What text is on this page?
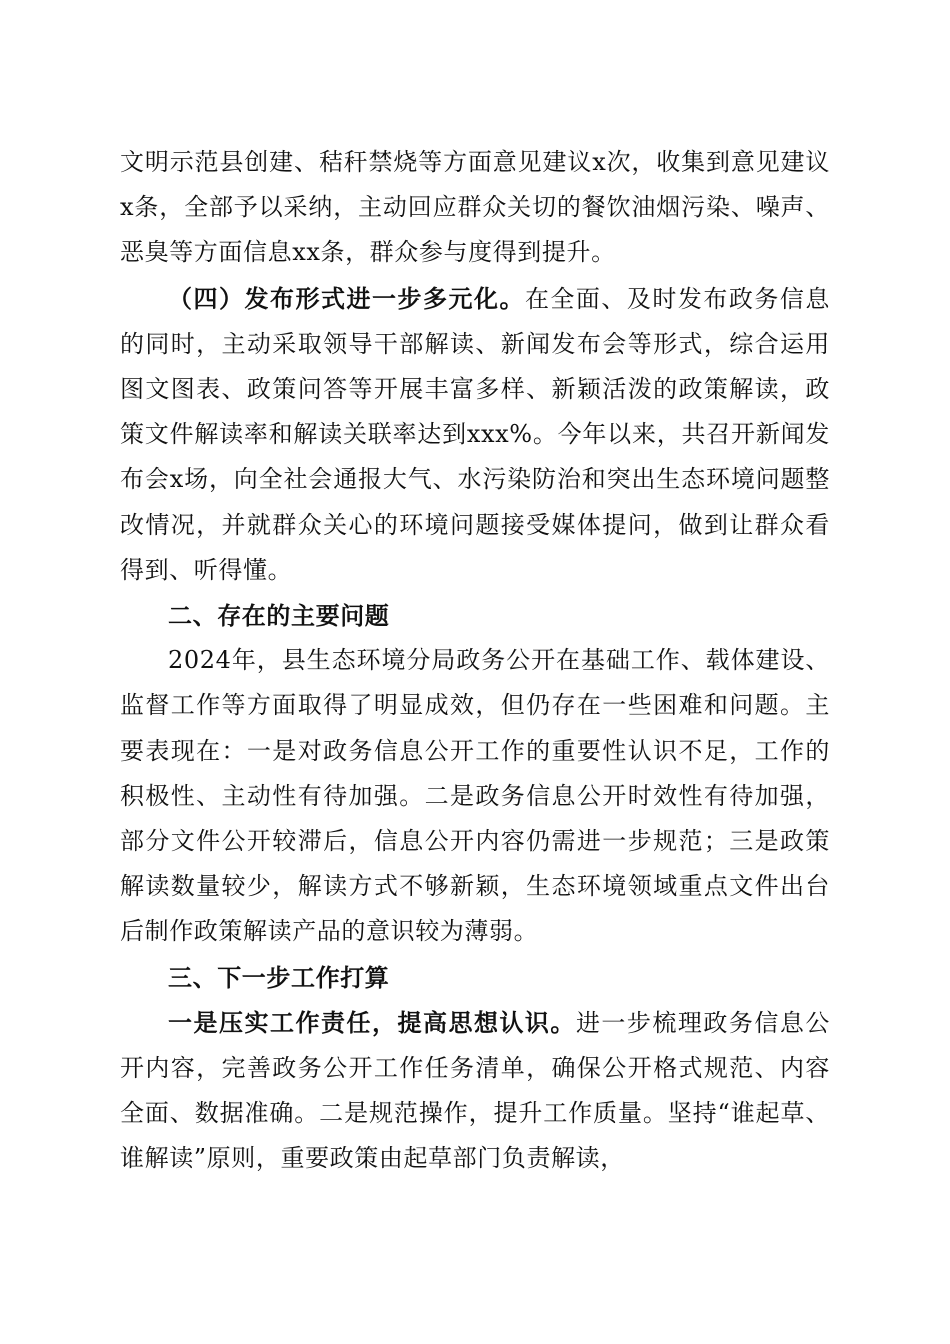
文明示范县创建、秸秆禁烧等方面意见建议x次，收集到意见建议x条，全部予以采纳，主动回应群众关切的餐饮油烟污染、噪声、恶臭等方面信息xx条，群众参与度得到提升。

（四）发布形式进一步多元化。在全面、及时发布政务信息的同时，主动采取领导干部解读、新闻发布会等形式，综合运用图文图表、政策问答等开展丰富多样、新颖活泼的政策解读，政策文件解读率和解读关联率达到xxx%。今年以来，共召开新闻发布会x场，向全社会通报大气、水污染防治和突出生态环境问题整改情况，并就群众关心的环境问题接受媒体提问，做到让群众看得到、听得懂。

二、存在的主要问题

2024年，县生态环境分局政务公开在基础工作、载体建设、监督工作等方面取得了明显成效，但仍存在一些困难和问题。主要表现在：一是对政务信息公开工作的重要性认识不足，工作的积极性、主动性有待加强。二是政务信息公开时效性有待加强，部分文件公开较滞后，信息公开内容仍需进一步规范；三是政策解读数量较少，解读方式不够新颖，生态环境领域重点文件出台后制作政策解读产品的意识较为薄弱。

三、下一步工作打算

一是压实工作责任，提高思想认识。进一步梳理政务信息公开内容，完善政务公开工作任务清单，确保公开格式规范、内容全面、数据准确。二是规范操作，提升工作质量。坚持“谁起草、谁解读”原则，重要政策由起草部门负责解读，
